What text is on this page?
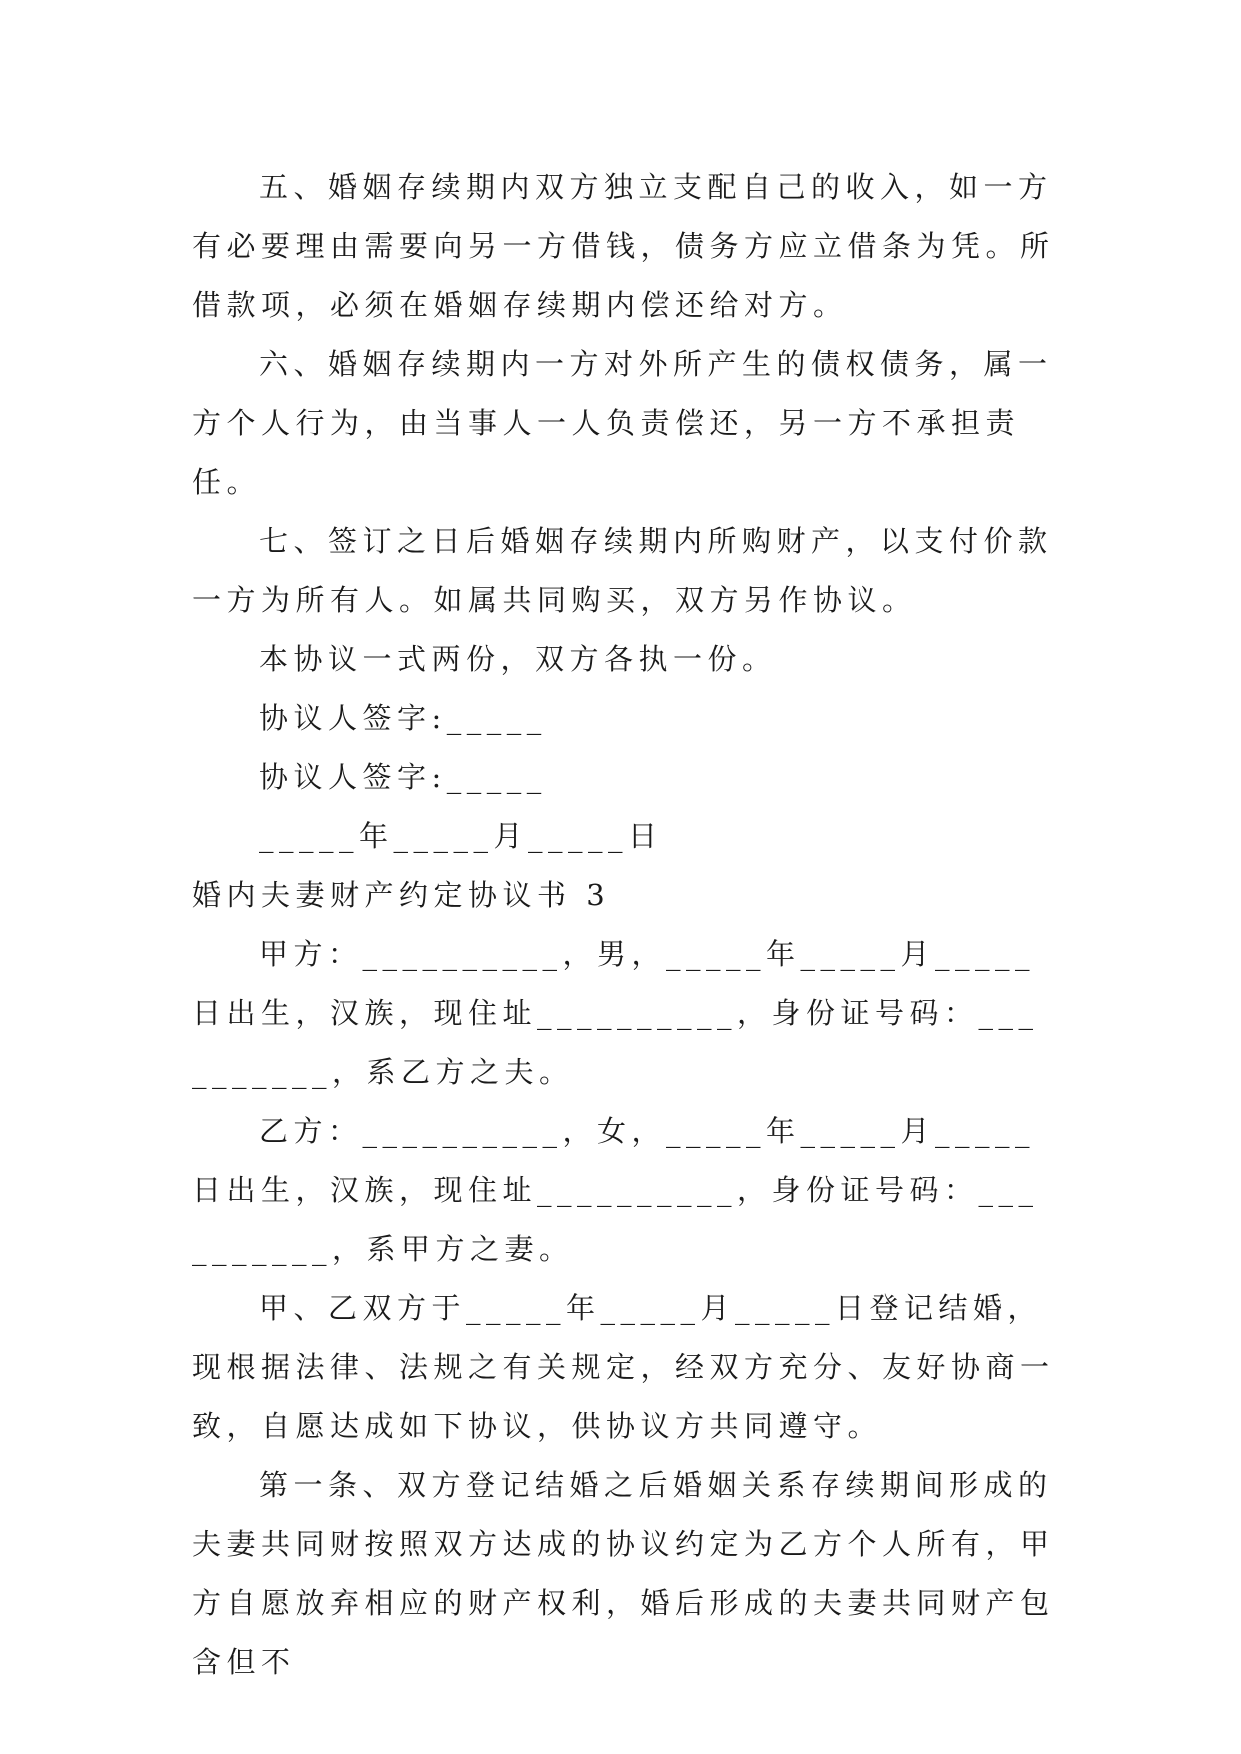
五、婚姻存续期内双方独立支配自己的收入，如一方有必要理由需要向另一方借钱，债务方应立借条为凭。所借款项，必须在婚姻存续期内偿还给对方。

六、婚姻存续期内一方对外所产生的债权债务，属一方个人行为，由当事人一人负责偿还，另一方不承担责任。

七、签订之日后婚姻存续期内所购财产，以支付价款一方为所有人。如属共同购买，双方另作协议。

本协议一式两份，双方各执一份。

协议人签字:_____

协议人签字:_____

_____年_____月_____日

婚内夫妻财产约定协议书 3

甲方：__________，男，_____年_____月_____日出生，汉族，现住址__________，身份证号码：__________，系乙方之夫。

乙方：__________，女，_____年_____月_____日出生，汉族，现住址__________，身份证号码：__________，系甲方之妻。

甲、乙双方于_____年_____月_____日登记结婚，现根据法律、法规之有关规定，经双方充分、友好协商一致，自愿达成如下协议，供协议方共同遵守。

第一条、双方登记结婚之后婚姻关系存续期间形成的夫妻共同财按照双方达成的协议约定为乙方个人所有，甲方自愿放弃相应的财产权利，婚后形成的夫妻共同财产包含但不
